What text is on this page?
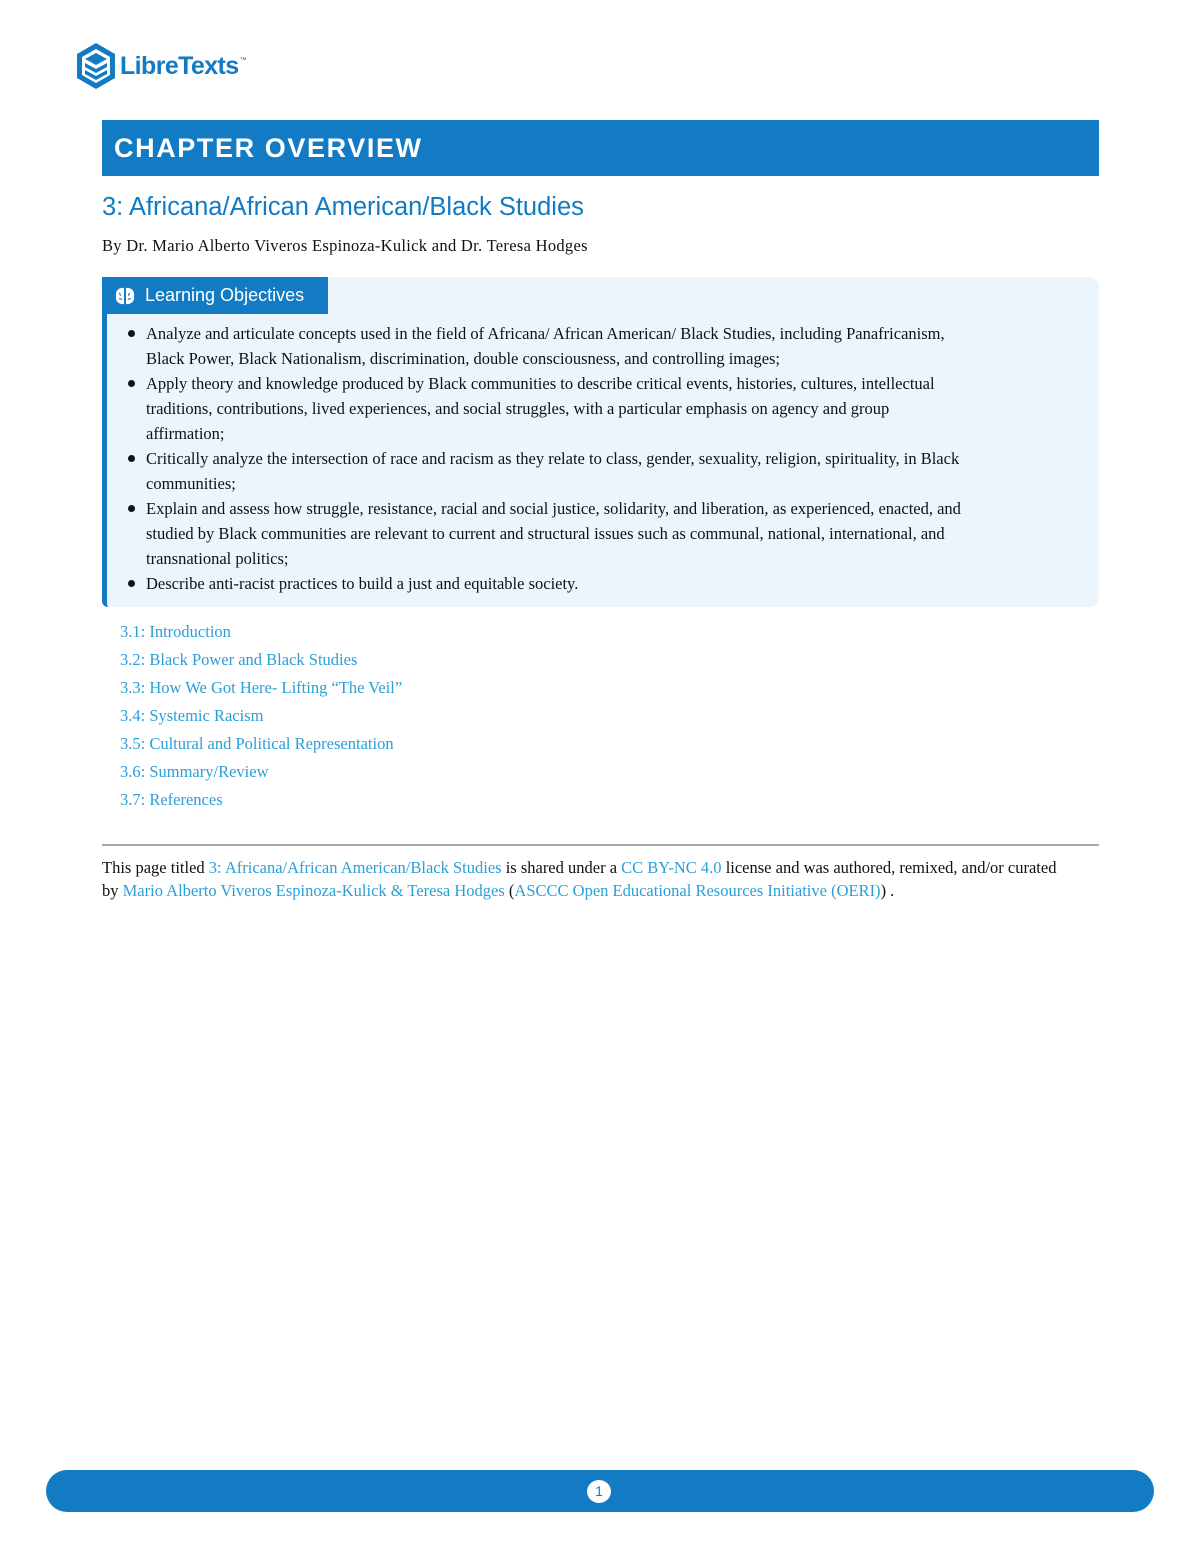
LibreTexts ™
CHAPTER OVERVIEW
3: Africana/African American/Black Studies
By Dr. Mario Alberto Viveros Espinoza-Kulick and Dr. Teresa Hodges
Learning Objectives
Analyze and articulate concepts used in the field of Africana/ African American/ Black Studies, including Panafricanism,
Black Power, Black Nationalism, discrimination, double consciousness, and controlling images;
Apply theory and knowledge produced by Black communities to describe critical events, histories, cultures, intellectual
traditions, contributions, lived experiences, and social struggles, with a particular emphasis on agency and group
affirmation;
Critically analyze the intersection of race and racism as they relate to class, gender, sexuality, religion, spirituality, in Black
communities;
Explain and assess how struggle, resistance, racial and social justice, solidarity, and liberation, as experienced, enacted, and
studied by Black communities are relevant to current and structural issues such as communal, national, international, and
transnational politics;
Describe anti-racist practices to build a just and equitable society.
3.1: Introduction
3.2: Black Power and Black Studies
3.3: How We Got Here- Lifting “The Veil”
3.4: Systemic Racism
3.5: Cultural and Political Representation
3.6: Summary/Review
3.7: References
This page titled 3: Africana/African American/Black Studies is shared under a CC BY-NC 4.0 license and was authored, remixed, and/or curated
by Mario Alberto Viveros Espinoza-Kulick & Teresa Hodges (ASCCC Open Educational Resources Initiative (OERI)) .
1
